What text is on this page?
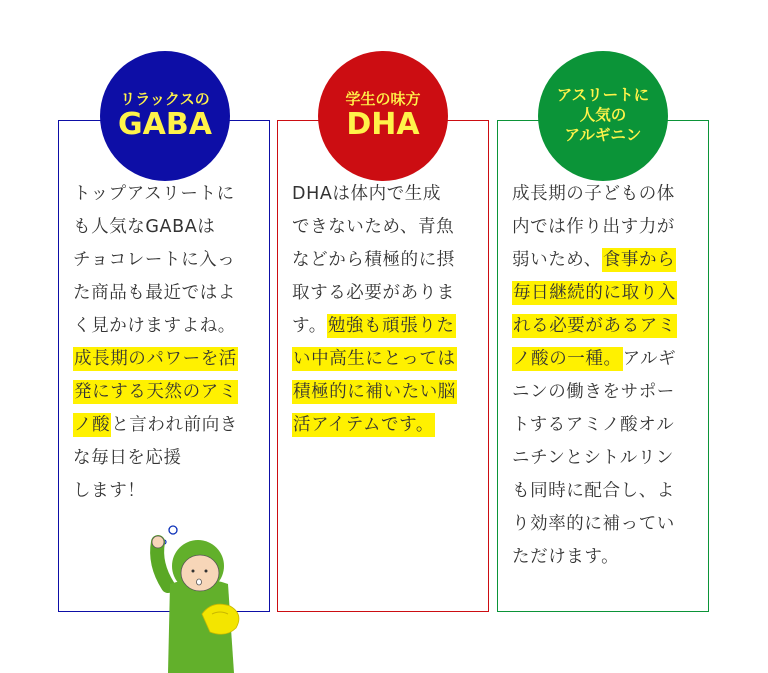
トップアスリートに
も人気なGABAは
チョコレートに入っ
た商品も最近ではよ
く見かけますよね。
成長期のパワーを活
発にする天然のアミ
ノ酸と言われ前向き
な毎日を応援
します！
リラックスの
GABA
DHAは体内で生成
できないため、青魚
などから積極的に摂
取する必要がありま
す。勉強も頑張りた
い中高生にとっては
積極的に補いたい脳
活アイテムです。
学生の味方
DHA
成長期の子どもの体
内では作り出す力が
弱いため、食事から
毎日継続的に取り入
れる必要があるアミ
ノ酸の一種。アルギ
ニンの働きをサポー
トするアミノ酸オル
ニチンとシトルリン
も同時に配合し、よ
り効率的に補ってい
ただけます。
アスリートに
人気の
アルギニン
